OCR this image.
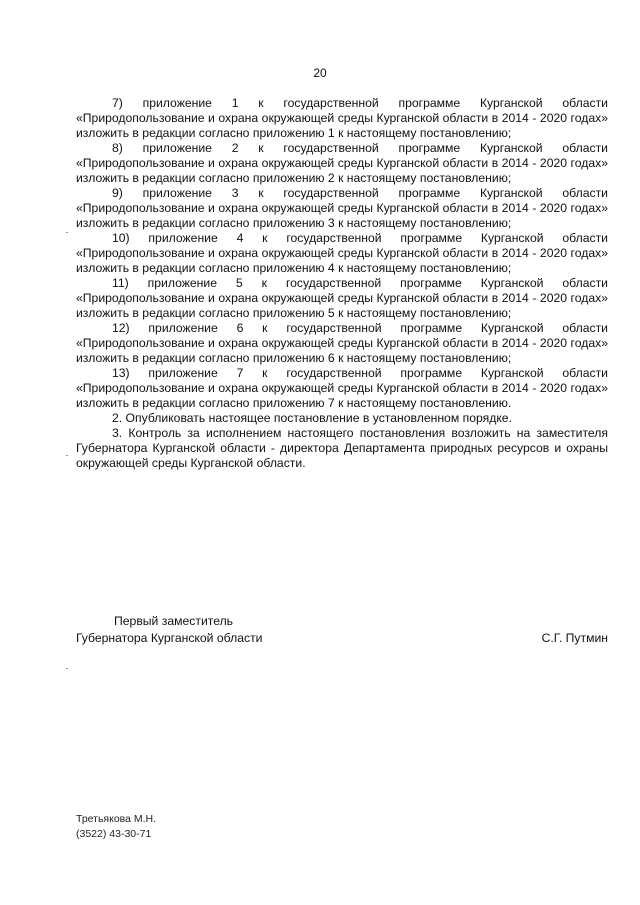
20

7) приложение 1 к государственной программе Курганской области
«Природопользование и охрана окружающей среды Курганской области в 2014 - 2020 годах» изложить в редакции согласно приложению 1 к настоящему постановлению;

8) приложение 2 к государственной программе Курганской области
«Природопользование и охрана окружающей среды Курганской области в 2014 - 2020 годах» изложить в редакции согласно приложению 2 к настоящему постановлению;

9) приложение 3 к государственной программе Курганской области
«Природопользование и охрана окружающей среды Курганской области в 2014 - 2020 годах» изложить в редакции согласно приложению 3 к настоящему постановлению;

10) приложение 4 к государственной программе Курганской области
«Природопользование и охрана окружающей среды Курганской области в 2014 - 2020 годах» изложить в редакции согласно приложению 4 к настоящему постановлению;

11) приложение 5 к государственной программе Курганской области
«Природопользование и охрана окружающей среды Курганской области в 2014 - 2020 годах» изложить в редакции согласно приложению 5 к настоящему постановлению;

12) приложение 6 к государственной программе Курганской области
«Природопользование и охрана окружающей среды Курганской области в 2014 - 2020 годах» изложить в редакции согласно приложению 6 к настоящему постановлению;

13) приложение 7 к государственной программе Курганской области
«Природопользование и охрана окружающей среды Курганской области в 2014 - 2020 годах» изложить в редакции согласно приложению 7 к настоящему постановлению.

2. Опубликовать настоящее постановление в установленном порядке.

3. Контроль за исполнением настоящего постановления возложить на заместителя Губернатора Курганской области - директора Департамента природных ресурсов и охраны окружающей среды Курганской области.

Первый заместитель
Губернатора Курганской области	С.Г. Путмин
Третьякова М.Н.
(3522) 43-30-71
